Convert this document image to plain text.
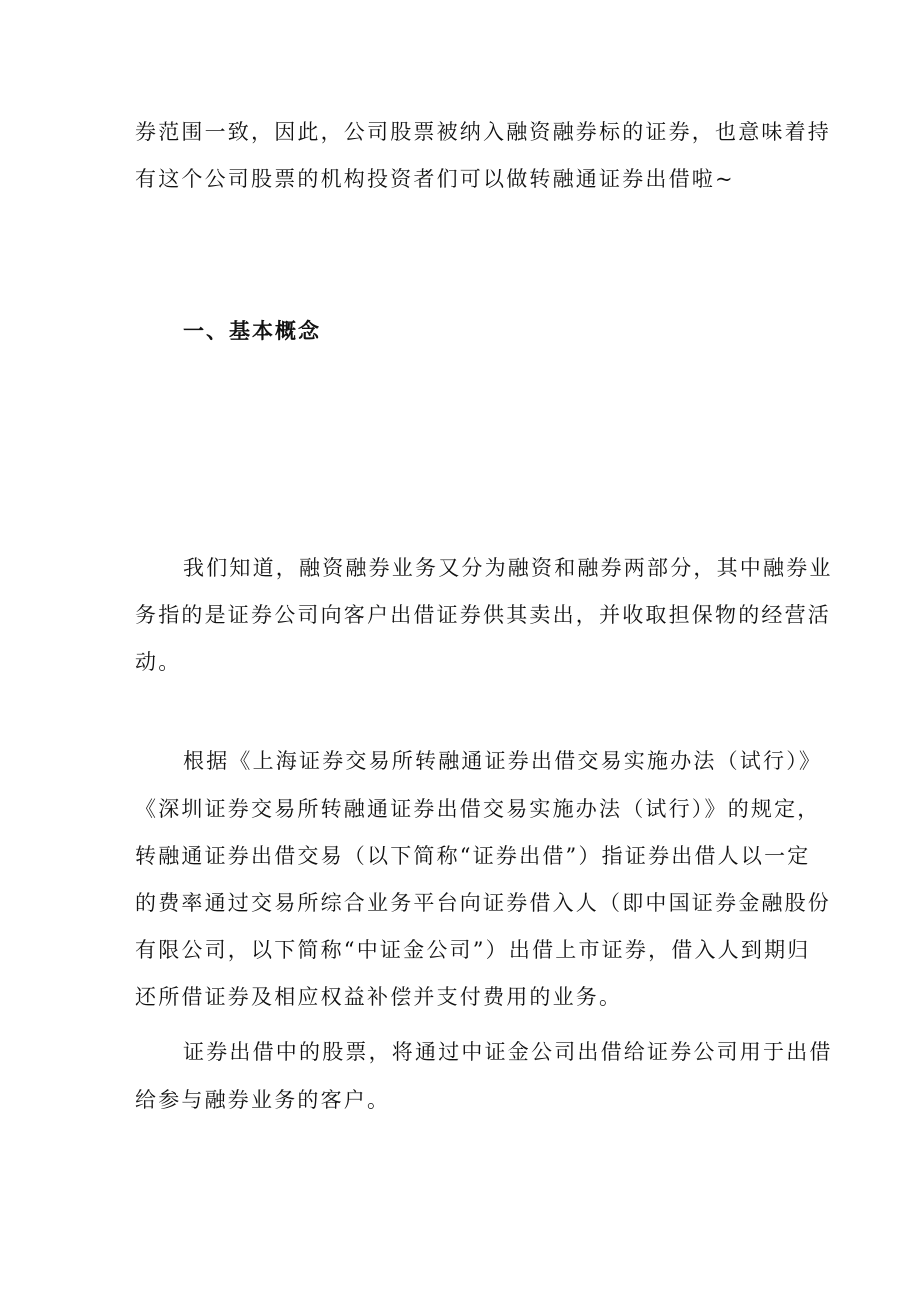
券范围一致，因此，公司股票被纳入融资融券标的证券，也意味着持
有这个公司股票的机构投资者们可以做转融通证券出借啦~
一、基本概念
我们知道，融资融券业务又分为融资和融券两部分，其中融券业
务指的是证券公司向客户出借证券供其卖出，并收取担保物的经营活
动。
根据《上海证券交易所转融通证券出借交易实施办法（试行）》
《深圳证券交易所转融通证券出借交易实施办法（试行）》的规定，
转融通证券出借交易（以下简称“证券出借”）指证券出借人以一定
的费率通过交易所综合业务平台向证券借入人（即中国证券金融股份
有限公司，以下简称“中证金公司”）出借上市证券，借入人到期归
还所借证券及相应权益补偿并支付费用的业务。
证券出借中的股票，将通过中证金公司出借给证券公司用于出借
给参与融券业务的客户。
